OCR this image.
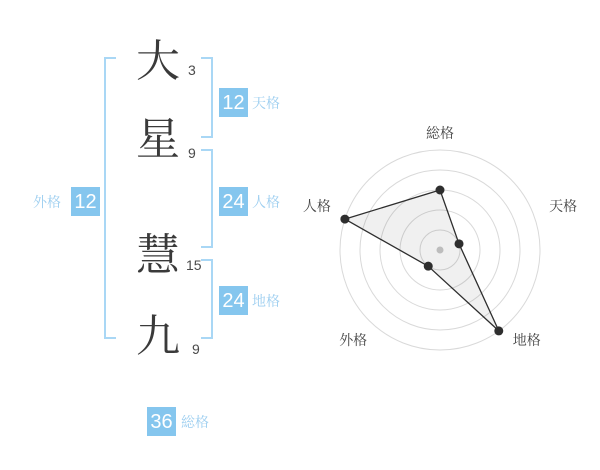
大
星
慧
九
3
9
15
9
12 天格
24 人格
24 地格
12
外格
36 総格
総格
天格
地格
外格
人格
